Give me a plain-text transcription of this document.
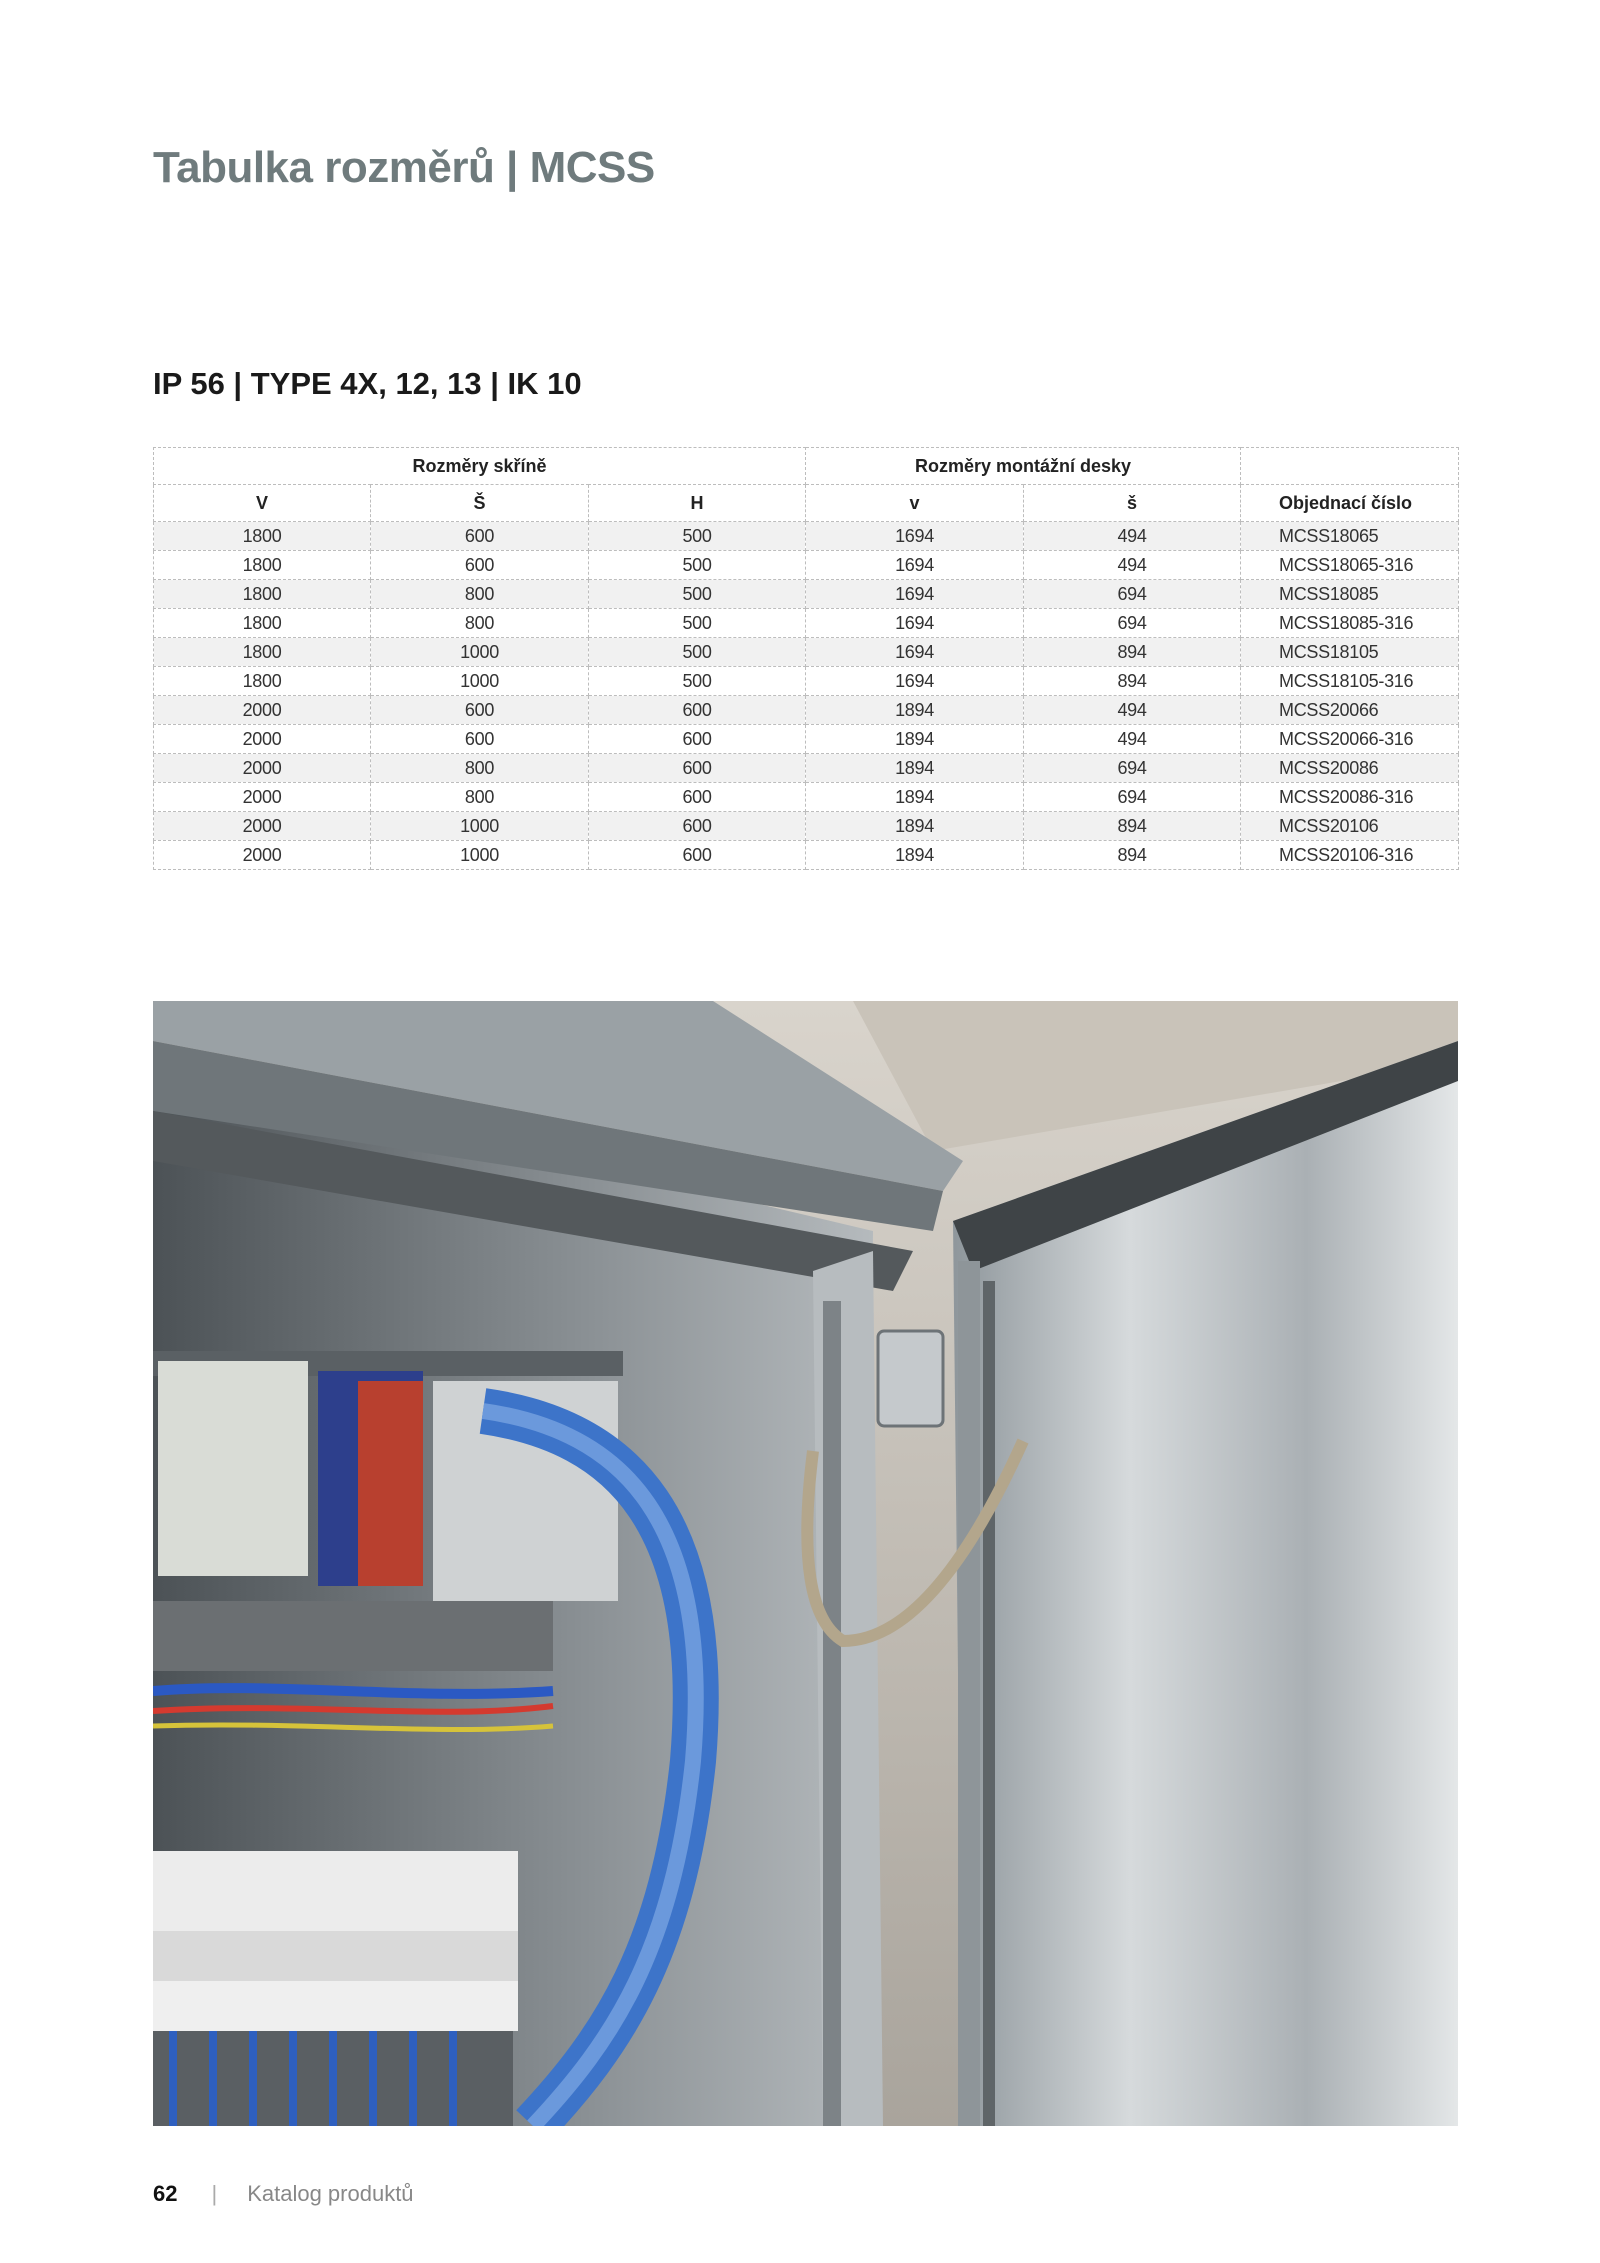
Tabulka rozměrů | MCSS
IP 56 | TYPE 4X, 12, 13 | IK 10
Rozměry skříně			Rozměry montážní desky		
V	Š	H	v	š	Objednací číslo
1800	600	500	1694	494	MCSS18065
1800	600	500	1694	494	MCSS18065-316
1800	800	500	1694	694	MCSS18085
1800	800	500	1694	694	MCSS18085-316
1800	1000	500	1694	894	MCSS18105
1800	1000	500	1694	894	MCSS18105-316
2000	600	600	1894	494	MCSS20066
2000	600	600	1894	494	MCSS20066-316
2000	800	600	1894	694	MCSS20086
2000	800	600	1894	694	MCSS20086-316
2000	1000	600	1894	894	MCSS20106
2000	1000	600	1894	894	MCSS20106-316
62 | Katalog produktů
